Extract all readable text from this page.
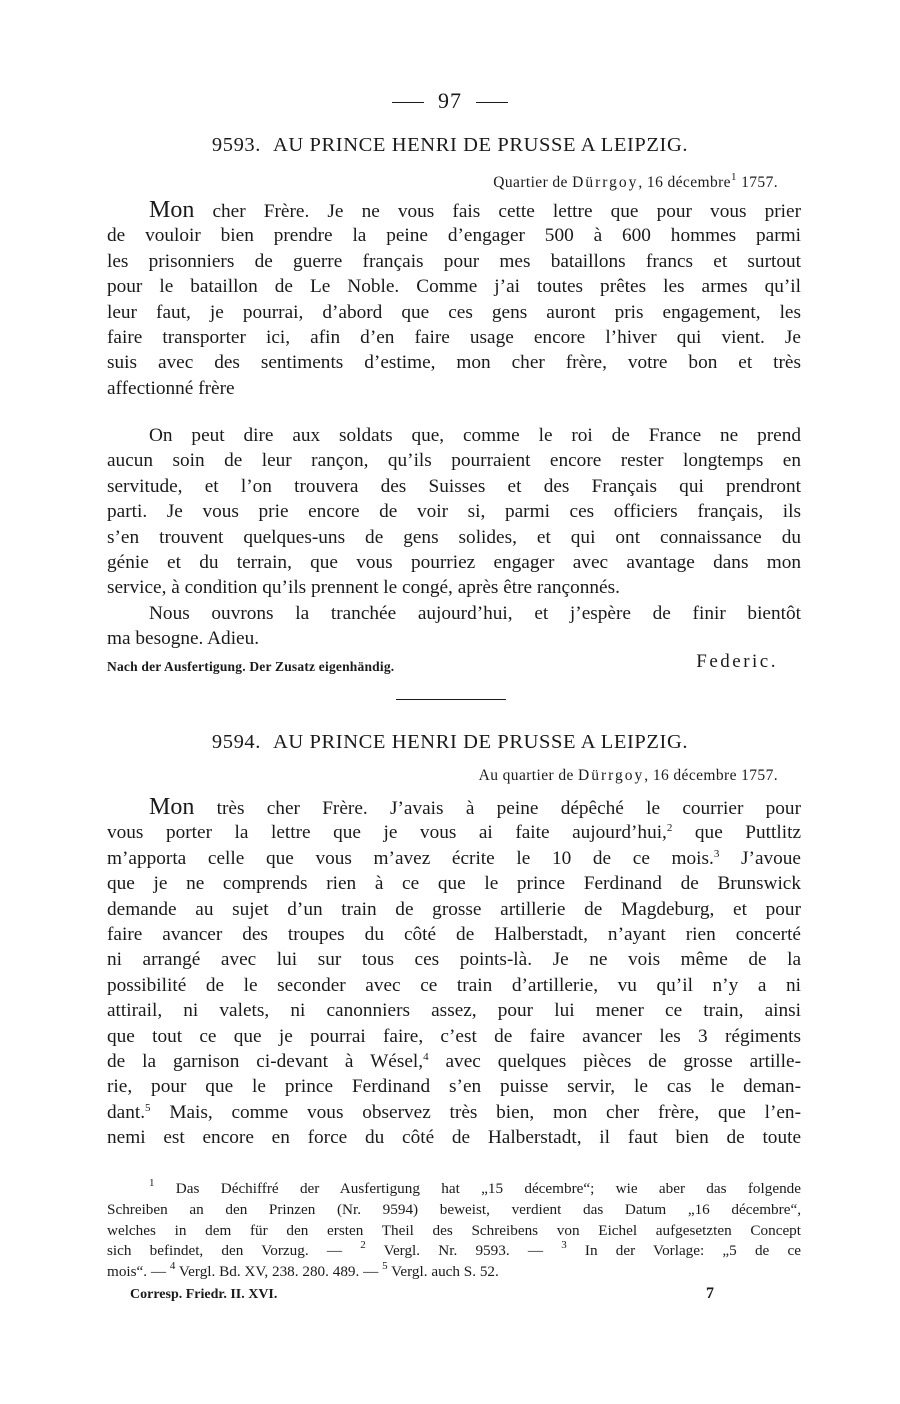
97
9593. AU PRINCE HENRI DE PRUSSE A LEIPZIG.
Quartier de Dürrgoy, 16 décembre$^1$ 1757.
Mon cher Frère. Je ne vous fais cette lettre que pour vous prier
de vouloir bien prendre la peine d’engager 500 à 600 hommes parmi
les prisonniers de guerre français pour mes bataillons francs et surtout
pour le bataillon de Le Noble. Comme j’ai toutes prêtes les armes qu’il
leur faut, je pourrai, d’abord que ces gens auront pris engagement, les
faire transporter ici, afin d’en faire usage encore l’hiver qui vient. Je
suis avec des sentiments d’estime, mon cher frère, votre bon et très
affectionné frère
On peut dire aux soldats que, comme le roi de France ne prend
aucun soin de leur rançon, qu’ils pourraient encore rester longtemps en
servitude, et l’on trouvera des Suisses et des Français qui prendront
parti. Je vous prie encore de voir si, parmi ces officiers français, ils
s’en trouvent quelques-uns de gens solides, et qui ont connaissance du
génie et du terrain, que vous pourriez engager avec avantage dans mon
service, à condition qu’ils prennent le congé, après être rançonnés.
Nous ouvrons la tranchée aujourd’hui, et j’espère de finir bientôt
ma besogne. Adieu.
Nach der Ausfertigung. Der Zusatz eigenhändig.	Federic.
9594. AU PRINCE HENRI DE PRUSSE A LEIPZIG.
Au quartier de Dürrgoy, 16 décembre 1757.
Mon très cher Frère. J’avais à peine dépêché le courrier pour
vous porter la lettre que je vous ai faite aujourd’hui,$^2$ que Puttlitz
m’apporta celle que vous m’avez écrite le 10 de ce mois.$^3$ J’avoue
que je ne comprends rien à ce que le prince Ferdinand de Brunswick
demande au sujet d’un train de grosse artillerie de Magdeburg, et pour
faire avancer des troupes du côté de Halberstadt, n’ayant rien concerté
ni arrangé avec lui sur tous ces points-là. Je ne vois même de la
possibilité de le seconder avec ce train d’artillerie, vu qu’il n’y a ni
attirail, ni valets, ni canonniers assez, pour lui mener ce train, ainsi
que tout ce que je pourrai faire, c’est de faire avancer les 3 régiments
de la garnison ci-devant à Wésel,$^4$ avec quelques pièces de grosse artille-
rie, pour que le prince Ferdinand s’en puisse servir, le cas le deman-
dant.$^5$ Mais, comme vous observez très bien, mon cher frère, que l’en-
nemi est encore en force du côté de Halberstadt, il faut bien de toute
$^1$ Das Déchiffré der Ausfertigung hat „15 décembre“; wie aber das folgende
Schreiben an den Prinzen (Nr. 9594) beweist, verdient das Datum „16 décembre“,
welches in dem für den ersten Theil des Schreibens von Eichel aufgesetzten Concept
sich befindet, den Vorzug. — $^2$ Vergl. Nr. 9593. — $^3$ In der Vorlage: „5 de ce
mois“. — $^4$ Vergl. Bd. XV, 238. 280. 489. — $^5$ Vergl. auch S. 52.
Corresp. Friedr. II. XVI.	7
